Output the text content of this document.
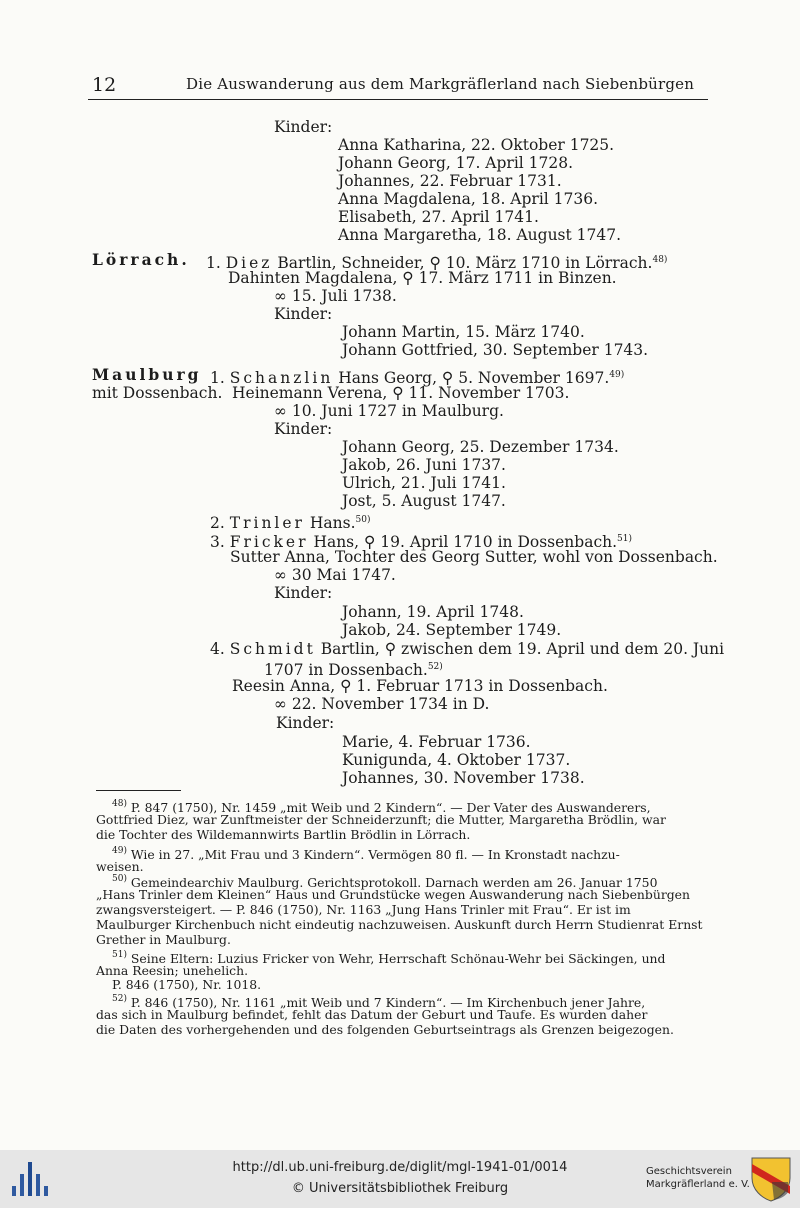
12	Die Auswanderung aus dem Markgräflerland nach Siebenbürgen
Kinder:
Anna Katharina, 22. Oktober 1725.
Johann Georg, 17. April 1728.
Johannes, 22. Februar 1731.
Anna Magdalena, 18. April 1736.
Elisabeth, 27. April 1741.
Anna Margaretha, 18. August 1747.
Lörrach. 1. Diez Bartlin, Schneider, ⚲ 10. März 1710 in Lörrach.$^{48)}$
Dahinten Magdalena, ⚲ 17. März 1711 in Binzen.
∞ 15. Juli 1738.
Kinder:
Johann Martin, 15. März 1740.
Johann Gottfried, 30. September 1743.
Maulburg
mit Dossenbach.
1. Schanzlin Hans Georg, ⚲ 5. November 1697.$^{49)}$
Heinemann Verena, ⚲ 11. November 1703.
∞ 10. Juni 1727 in Maulburg.
Kinder:
Johann Georg, 25. Dezember 1734.
Jakob, 26. Juni 1737.
Ulrich, 21. Juli 1741.
Jost, 5. August 1747.
2. Trinler Hans.$^{50)}$
3. Fricker Hans, ⚲ 19. April 1710 in Dossenbach.$^{51)}$
Sutter Anna, Tochter des Georg Sutter, wohl von Dossenbach.
∞ 30 Mai 1747.
Kinder:
Johann, 19. April 1748.
Jakob, 24. September 1749.
4. Schmidt Bartlin, ⚲ zwischen dem 19. April und dem 20. Juni
1707 in Dossenbach.$^{52)}$
Reesin Anna, ⚲ 1. Februar 1713 in Dossenbach.
∞ 22. November 1734 in D.
Kinder:
Marie, 4. Februar 1736.
Kunigunda, 4. Oktober 1737.
Johannes, 30. November 1738.
$^{48)}$ P. 847 (1750), Nr. 1459 „mit Weib und 2 Kindern“. — Der Vater des Auswanderers,
Gottfried Diez, war Zunftmeister der Schneiderzunft; die Mutter, Margaretha Brödlin, war
die Tochter des Wildemannwirts Bartlin Brödlin in Lörrach.
$^{49)}$ Wie in 27. „Mit Frau und 3 Kindern“. Vermögen 80 fl. — In Kronstadt nachzu-
weisen.
$^{50)}$ Gemeindearchiv Maulburg. Gerichtsprotokoll. Darnach werden am 26. Januar 1750
„Hans Trinler dem Kleinen“ Haus und Grundstücke wegen Auswanderung nach Siebenbürgen
zwangsversteigert. — P. 846 (1750), Nr. 1163 „Jung Hans Trinler mit Frau“. Er ist im
Maulburger Kirchenbuch nicht eindeutig nachzuweisen. Auskunft durch Herrn Studienrat Ernst
Grether in Maulburg.
$^{51)}$ Seine Eltern: Luzius Fricker von Wehr, Herrschaft Schönau-Wehr bei Säckingen, und
Anna Reesin; unehelich.
P. 846 (1750), Nr. 1018.
$^{52)}$ P. 846 (1750), Nr. 1161 „mit Weib und 7 Kindern“. — Im Kirchenbuch jener Jahre,
das sich in Maulburg befindet, fehlt das Datum der Geburt und Taufe. Es wurden daher
die Daten des vorhergehenden und des folgenden Geburtseintrags als Grenzen beigezogen.
http://dl.ub.uni-freiburg.de/diglit/mgl-1941-01/0014
© Universitätsbibliothek Freiburg
Geschichtsverein
Markgräflerland e. V.
